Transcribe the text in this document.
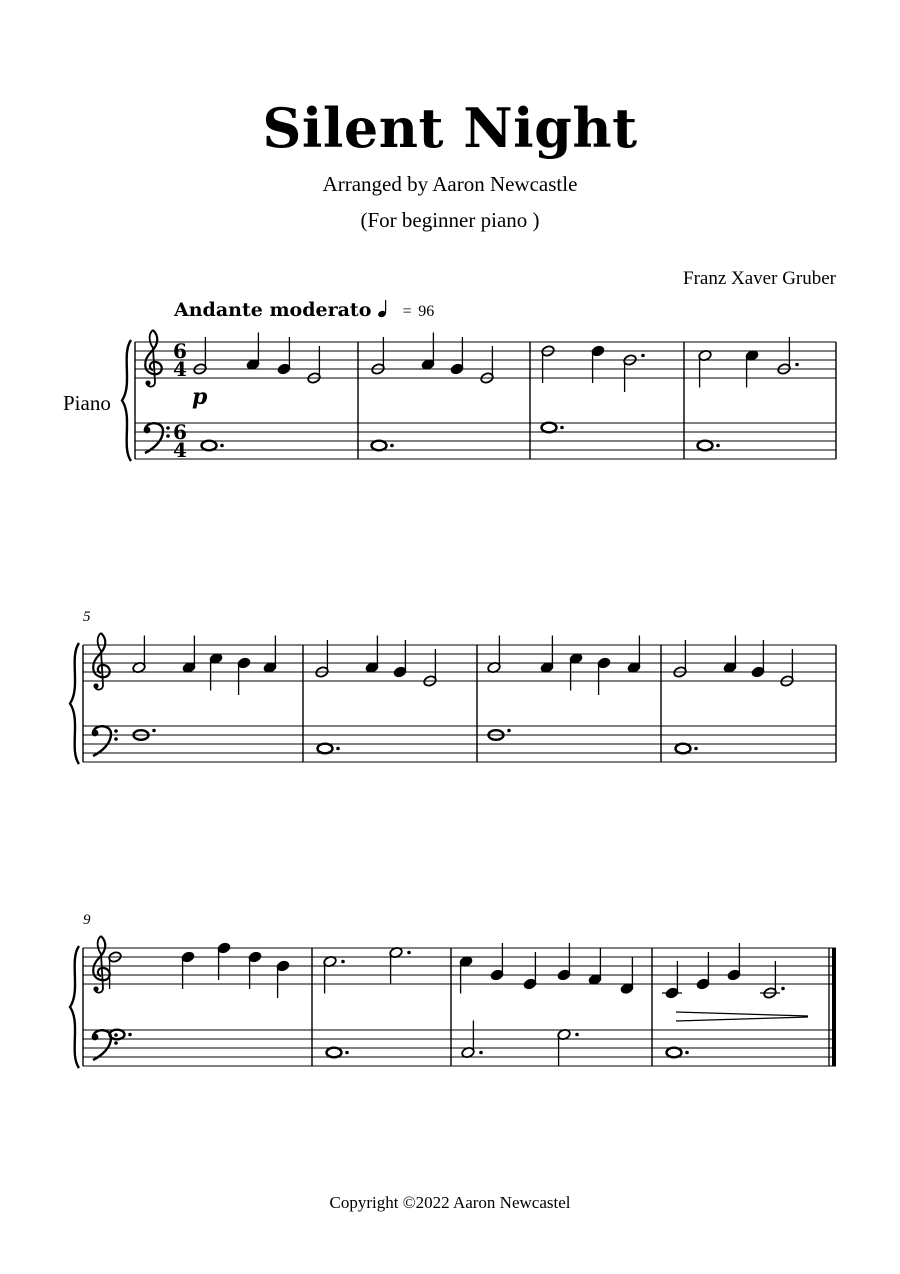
Silent Night
Arranged by Aaron Newcastle
(For beginner piano )
Franz Xaver Gruber
Andante moderato = 96
Piano	p
5
9
6
4
6
4
Copyright ©2022 Aaron Newcastel
